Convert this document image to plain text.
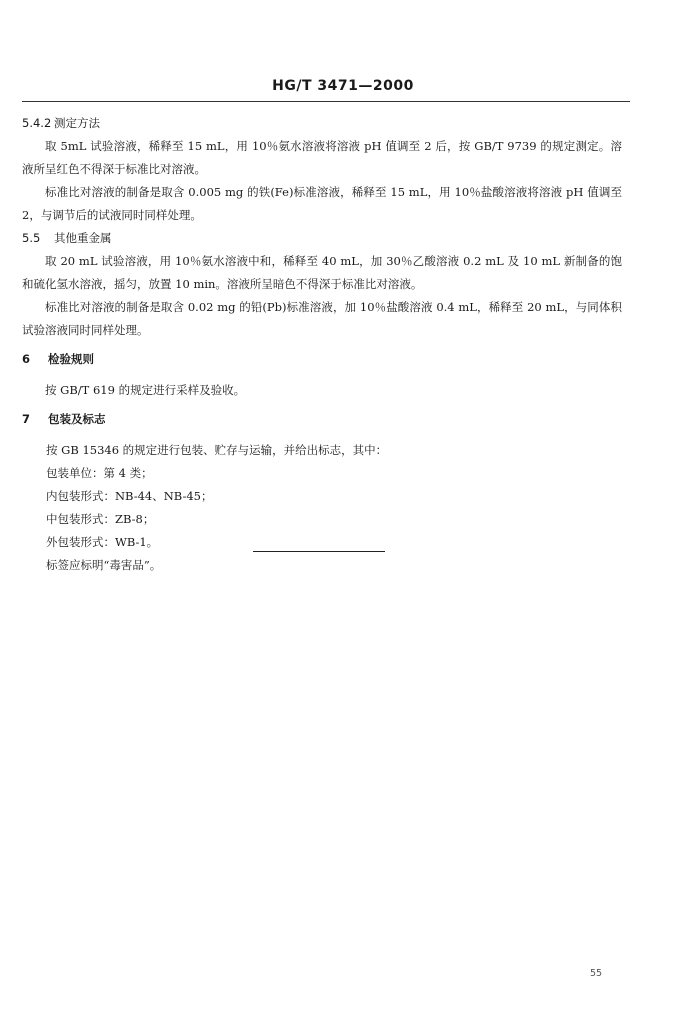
HG/T 3471—2000
5.4.2 测定方法

取 5mL 试验溶液，稀释至 15 mL，用 10％氨水溶液将溶液 pH 值调至 2 后，按 GB/T 9739 的规定测定。溶液所呈红色不得深于标准比对溶液。

标准比对溶液的制备是取含 0.005 mg 的铁(Fe)标准溶液，稀释至 15 mL，用 10％盐酸溶液将溶液 pH 值调至 2，与调节后的试液同时同样处理。

5.5 其他重金属

取 20 mL 试验溶液，用 10％氨水溶液中和，稀释至 40 mL，加 30％乙酸溶液 0.2 mL 及 10 mL 新制备的饱和硫化氢水溶液，摇匀，放置 10 min。溶液所呈暗色不得深于标准比对溶液。

标准比对溶液的制备是取含 0.02 mg 的铅(Pb)标准溶液，加 10％盐酸溶液 0.4 mL，稀释至 20 mL，与同体积试验溶液同时同样处理。

6 检验规则

按 GB/T 619 的规定进行采样及验收。

7 包装及标志

按 GB 15346 的规定进行包装、贮存与运输，并给出标志，其中：

包装单位：第 4 类；

内包装形式：NB-44、NB-45；

中包装形式：ZB-8；

外包装形式：WB-1。

标签应标明“毒害品”。

55
